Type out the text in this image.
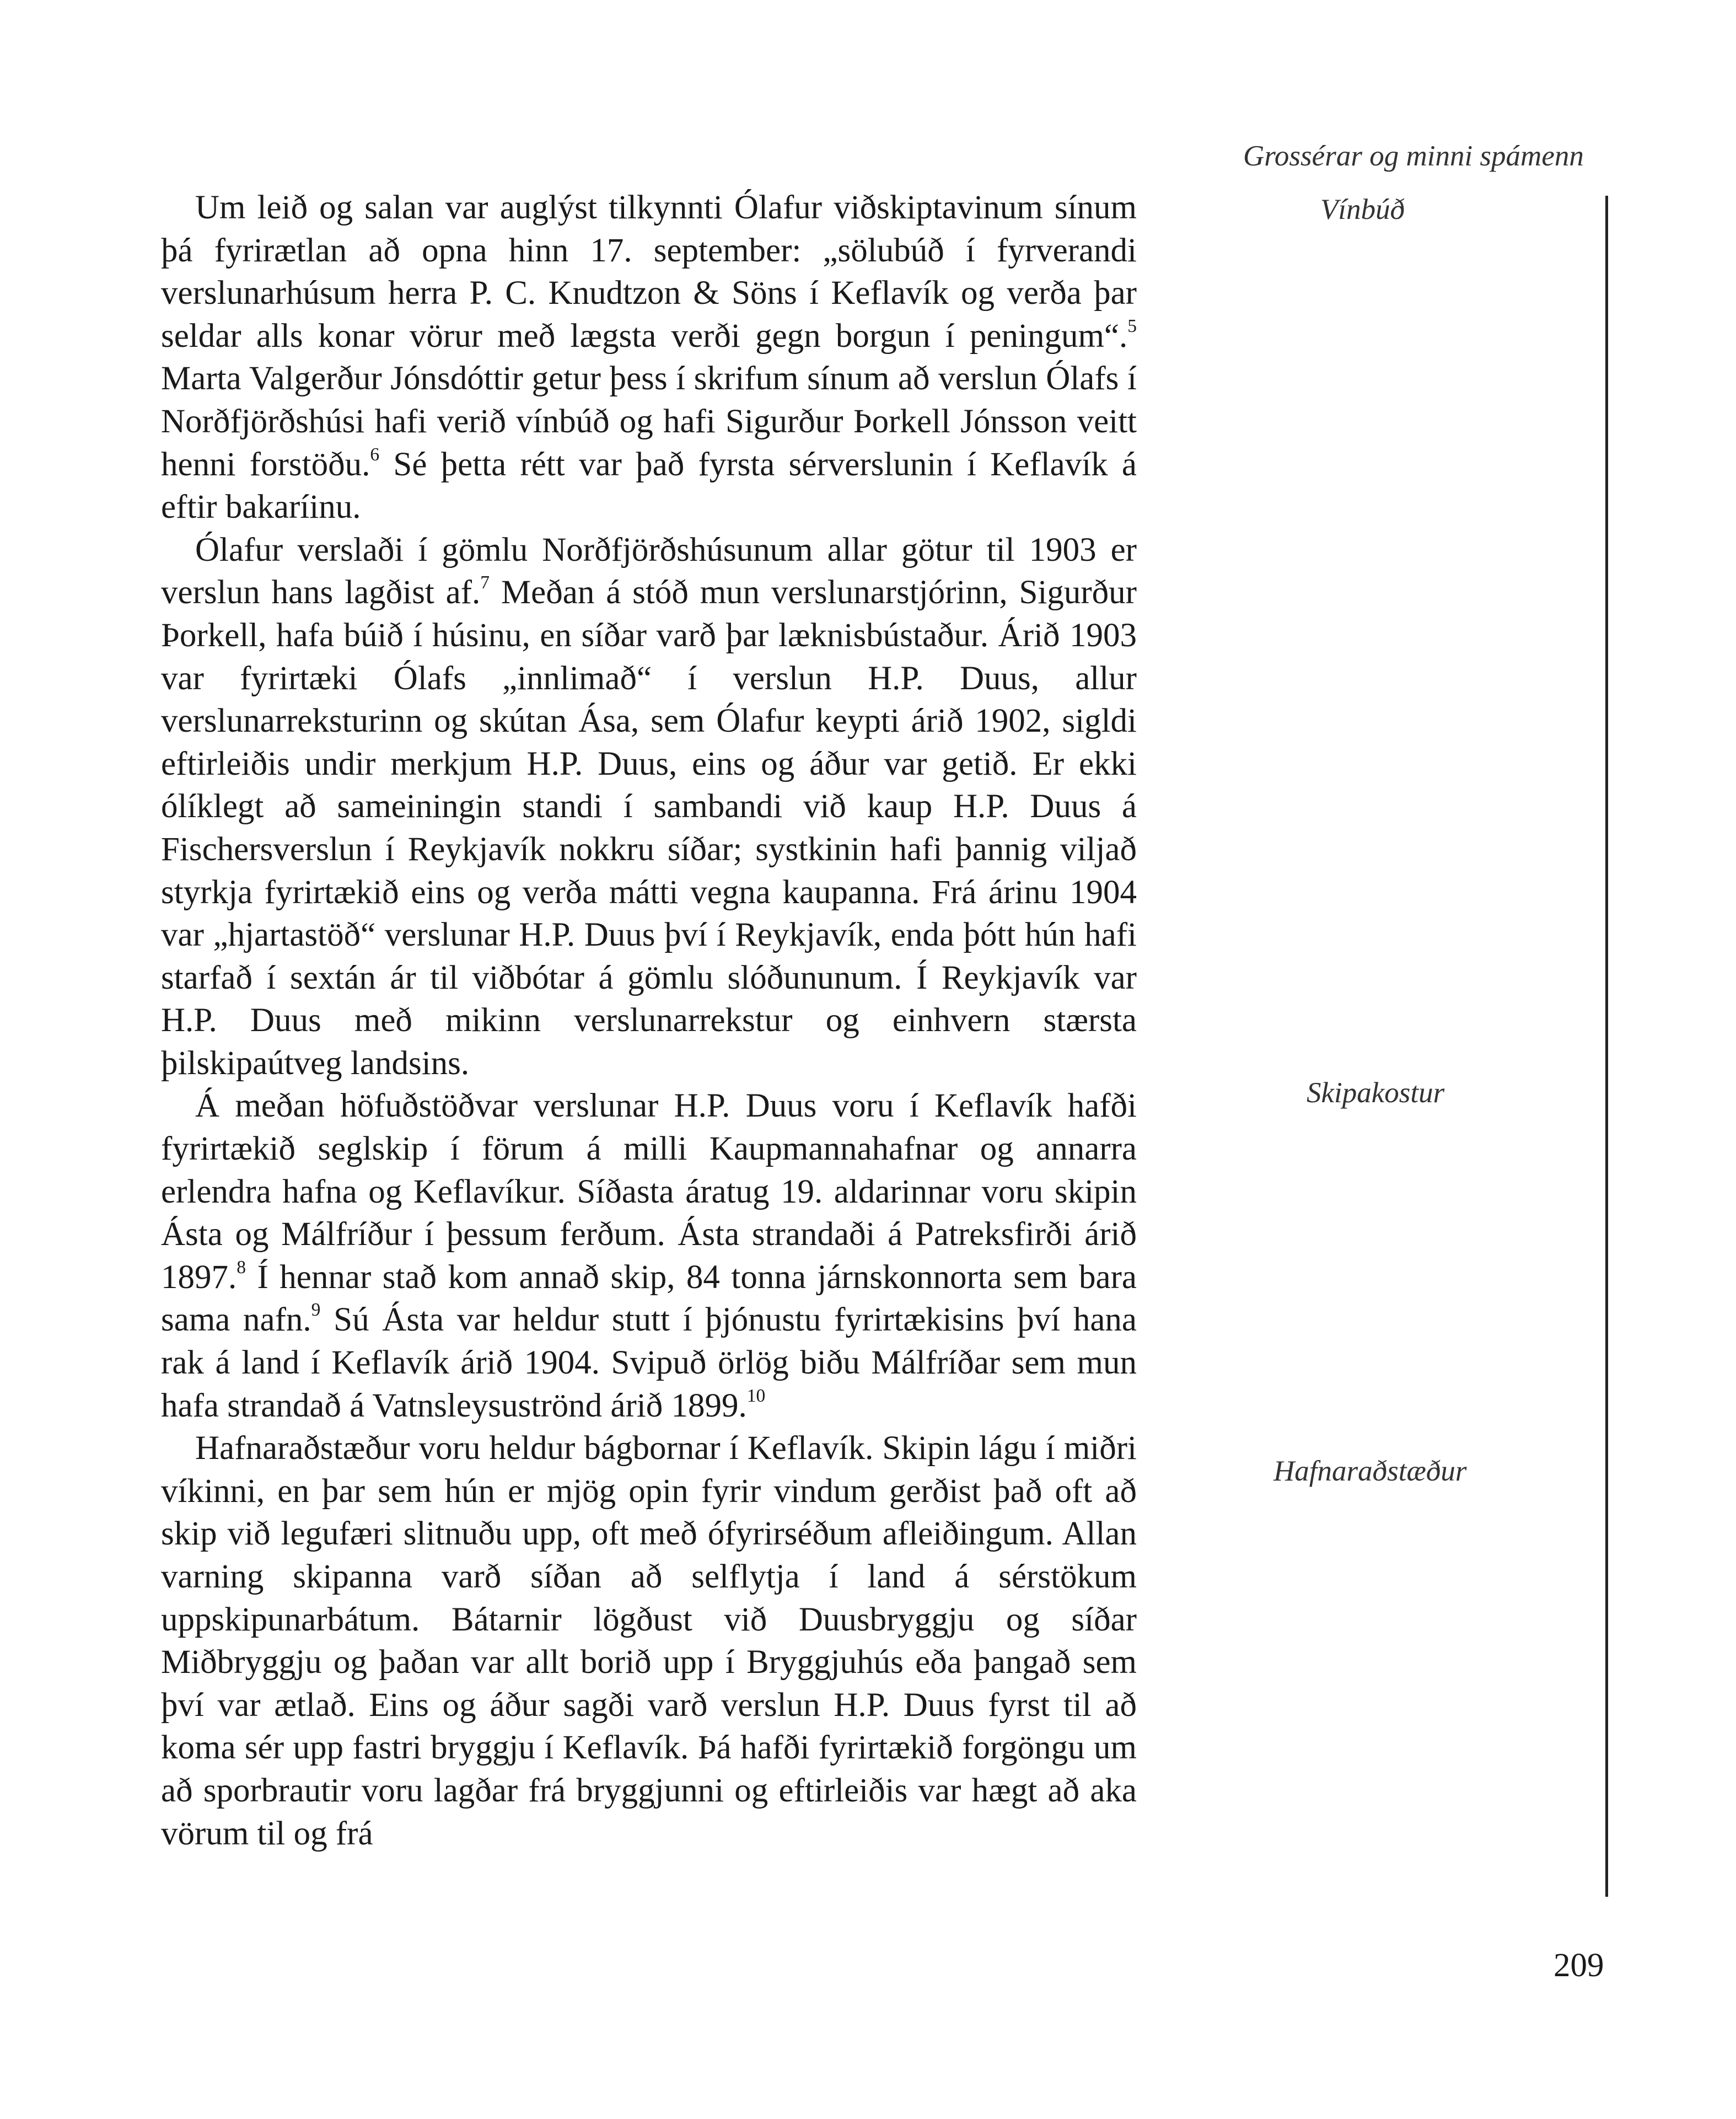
Grossérar og minni spámenn
Vínbúð
Skipakostur
Hafnaraðstæður

Um leið og salan var auglýst tilkynnti Ólafur viðskiptavinum sínum þá fyrirætlan að opna hinn 17. september: „sölubúð í fyrverandi verslunarhúsum herra P. C. Knudtzon & Söns í Keflavík og verða þar seldar alls konar vörur með lægsta verði gegn borgun í peningum“.$^5$ Marta Valgerður Jónsdóttir getur þess í skrifum sínum að verslun Ólafs í Norðfjörðshúsi hafi verið vínbúð og hafi Sigurður Þorkell Jónsson veitt henni forstöðu.$^6$ Sé þetta rétt var það fyrsta sérverslunin í Keflavík á eftir bakaríinu.

Ólafur verslaði í gömlu Norðfjörðshúsunum allar götur til 1903 er verslun hans lagðist af.$^7$ Meðan á stóð mun verslunarstjórinn, Sigurður Þorkell, hafa búið í húsinu, en síðar varð þar læknisbústaður. Árið 1903 var fyrirtæki Ólafs „innlimað“ í verslun H.P. Duus, allur verslunarreksturinn og skútan Ása, sem Ólafur keypti árið 1902, sigldi eftirleiðis undir merkjum H.P. Duus, eins og áður var getið. Er ekki ólíklegt að sameiningin standi í sambandi við kaup H.P. Duus á Fischersverslun í Reykjavík nokkru síðar; systkinin hafi þannig viljað styrkja fyrirtækið eins og verða mátti vegna kaupanna. Frá árinu 1904 var „hjartastöð“ verslunar H.P. Duus því í Reykjavík, enda þótt hún hafi starfað í sextán ár til viðbótar á gömlu slóðununum. Í Reykjavík var H.P. Duus með mikinn verslunarrekstur og einhvern stærsta þilskipaútveg landsins.

Á meðan höfuðstöðvar verslunar H.P. Duus voru í Keflavík hafði fyrirtækið seglskip í förum á milli Kaupmannahafnar og annarra erlendra hafna og Keflavíkur. Síðasta áratug 19. aldarinnar voru skipin Ásta og Málfríður í þessum ferðum. Ásta strandaði á Patreksfirði árið 1897.$^8$ Í hennar stað kom annað skip, 84 tonna járnskonnorta sem bara sama nafn.$^9$ Sú Ásta var heldur stutt í þjónustu fyrirtækisins því hana rak á land í Keflavík árið 1904. Svipuð örlög biðu Málfríðar sem mun hafa strandað á Vatnsleysuströnd árið 1899.10

Hafnaraðstæður voru heldur bágbornar í Keflavík. Skipin lágu í miðri víkinni, en þar sem hún er mjög opin fyrir vindum gerðist það oft að skip við legufæri slitnuðu upp, oft með ófyrirséðum afleiðingum. Allan varning skipanna varð síðan að selflytja í land á sérstökum uppskipunarbátum. Bátarnir lögðust við Duusbryggju og síðar Miðbryggju og þaðan var allt borið upp í Bryggjuhús eða þangað sem því var ætlað. Eins og áður sagði varð verslun H.P. Duus fyrst til að koma sér upp fastri bryggju í Keflavík. Þá hafði fyrirtækið forgöngu um að sporbrautir voru lagðar frá bryggjunni og eftirleiðis var hægt að aka vörum til og frá

209
